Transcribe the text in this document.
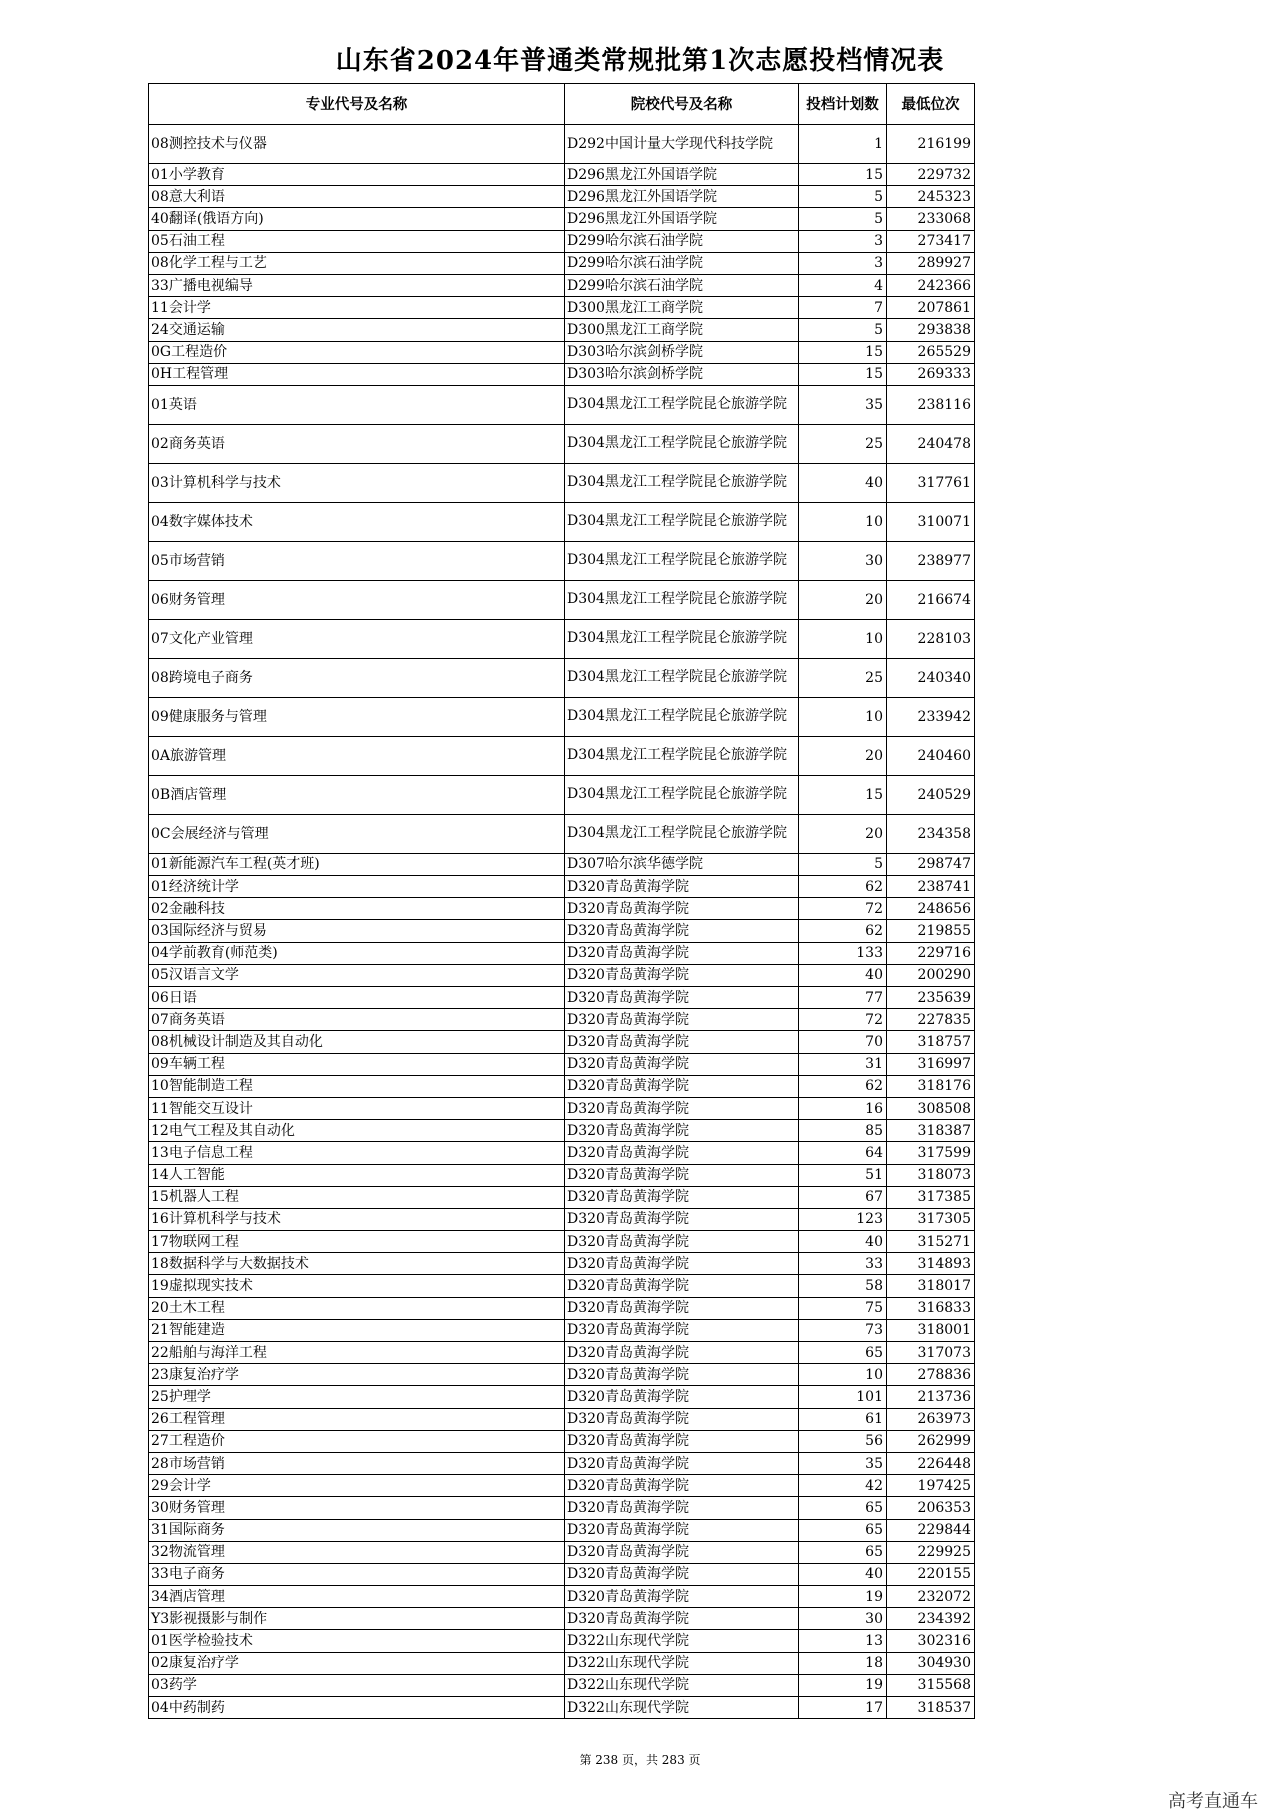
山东省2024年普通类常规批第1次志愿投档情况表
专业代号及名称	院校代号及名称	投档计划数	最低位次
08测控技术与仪器	D292中国计量大学现代科技学院	1	216199
01小学教育	D296黑龙江外国语学院	15	229732
08意大利语	D296黑龙江外国语学院	5	245323
40翻译(俄语方向)	D296黑龙江外国语学院	5	233068
05石油工程	D299哈尔滨石油学院	3	273417
08化学工程与工艺	D299哈尔滨石油学院	3	289927
33广播电视编导	D299哈尔滨石油学院	4	242366
11会计学	D300黑龙江工商学院	7	207861
24交通运输	D300黑龙江工商学院	5	293838
0G工程造价	D303哈尔滨剑桥学院	15	265529
0H工程管理	D303哈尔滨剑桥学院	15	269333
01英语	D304黑龙江工程学院昆仑旅游学院	35	238116
02商务英语	D304黑龙江工程学院昆仑旅游学院	25	240478
03计算机科学与技术	D304黑龙江工程学院昆仑旅游学院	40	317761
04数字媒体技术	D304黑龙江工程学院昆仑旅游学院	10	310071
05市场营销	D304黑龙江工程学院昆仑旅游学院	30	238977
06财务管理	D304黑龙江工程学院昆仑旅游学院	20	216674
07文化产业管理	D304黑龙江工程学院昆仑旅游学院	10	228103
08跨境电子商务	D304黑龙江工程学院昆仑旅游学院	25	240340
09健康服务与管理	D304黑龙江工程学院昆仑旅游学院	10	233942
0A旅游管理	D304黑龙江工程学院昆仑旅游学院	20	240460
0B酒店管理	D304黑龙江工程学院昆仑旅游学院	15	240529
0C会展经济与管理	D304黑龙江工程学院昆仑旅游学院	20	234358
01新能源汽车工程(英才班)	D307哈尔滨华德学院	5	298747
01经济统计学	D320青岛黄海学院	62	238741
02金融科技	D320青岛黄海学院	72	248656
03国际经济与贸易	D320青岛黄海学院	62	219855
04学前教育(师范类)	D320青岛黄海学院	133	229716
05汉语言文学	D320青岛黄海学院	40	200290
06日语	D320青岛黄海学院	77	235639
07商务英语	D320青岛黄海学院	72	227835
08机械设计制造及其自动化	D320青岛黄海学院	70	318757
09车辆工程	D320青岛黄海学院	31	316997
10智能制造工程	D320青岛黄海学院	62	318176
11智能交互设计	D320青岛黄海学院	16	308508
12电气工程及其自动化	D320青岛黄海学院	85	318387
13电子信息工程	D320青岛黄海学院	64	317599
14人工智能	D320青岛黄海学院	51	318073
15机器人工程	D320青岛黄海学院	67	317385
16计算机科学与技术	D320青岛黄海学院	123	317305
17物联网工程	D320青岛黄海学院	40	315271
18数据科学与大数据技术	D320青岛黄海学院	33	314893
19虚拟现实技术	D320青岛黄海学院	58	318017
20土木工程	D320青岛黄海学院	75	316833
21智能建造	D320青岛黄海学院	73	318001
22船舶与海洋工程	D320青岛黄海学院	65	317073
23康复治疗学	D320青岛黄海学院	10	278836
25护理学	D320青岛黄海学院	101	213736
26工程管理	D320青岛黄海学院	61	263973
27工程造价	D320青岛黄海学院	56	262999
28市场营销	D320青岛黄海学院	35	226448
29会计学	D320青岛黄海学院	42	197425
30财务管理	D320青岛黄海学院	65	206353
31国际商务	D320青岛黄海学院	65	229844
32物流管理	D320青岛黄海学院	65	229925
33电子商务	D320青岛黄海学院	40	220155
34酒店管理	D320青岛黄海学院	19	232072
Y3影视摄影与制作	D320青岛黄海学院	30	234392
01医学检验技术	D322山东现代学院	13	302316
02康复治疗学	D322山东现代学院	18	304930
03药学	D322山东现代学院	19	315568
04中药制药	D322山东现代学院	17	318537
第 238 页，共 283 页
高考直通车
